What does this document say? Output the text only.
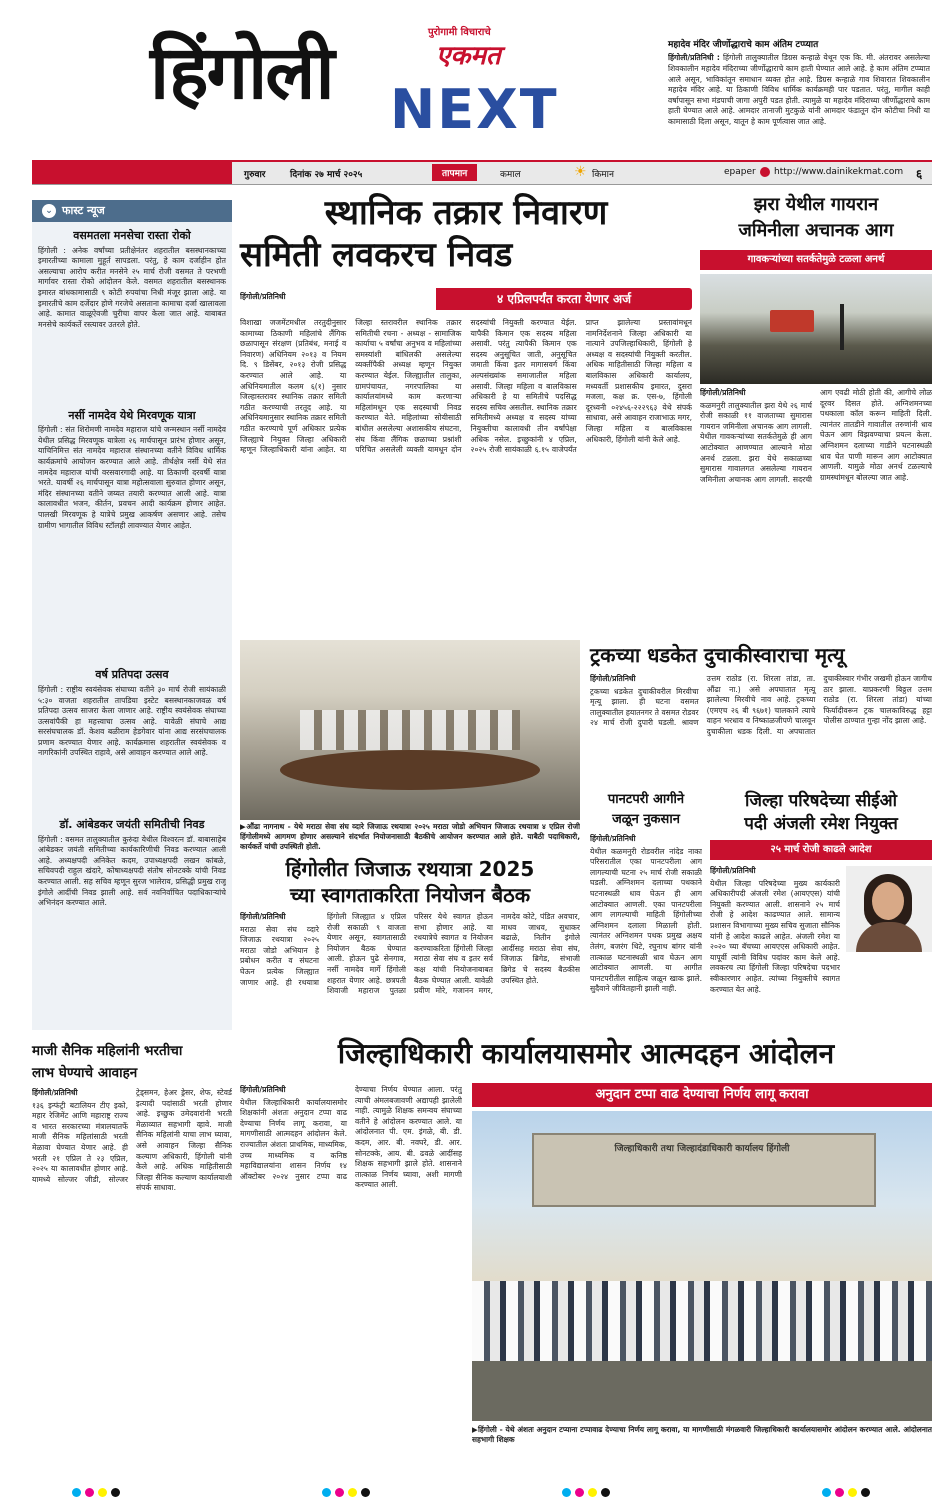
हिंगोली	पुरोगामी विचाराचे
एकमत
NEXT
महादेव मंदिर जीर्णोद्धाराचे काम अंतिम टप्प्यात
हिंगोली/प्रतिनिधी : हिंगोली तालुक्यातील डिग्रस कन्हाळे येथून एक कि. मी. अंतरावर असलेल्या शिवकालीन महादेव मंदिराच्या जीर्णोद्धाराचे काम हाती घेण्यात आले आहे. हे काम अंतिम टप्प्यात आले असून, भाविकांतून समाधान व्यक्त होत आहे. डिग्रस कन्हाळे गाव शिवारात शिवकालीन महादेव मंदिर आहे. या ठिकाणी विविध धार्मिक कार्यक्रमही पार पडतात. परंतु, मागील काही वर्षापासून सभा मंडपाची जागा अपुरी पडत होती. त्यामुळे या महादेव मंदिराच्या जीर्णोद्धाराचे काम हाती घेण्यात आले आहे. आमदार तानाजी मुटकुळे यांनी आमदार फंडातून दोन कोटीचा निधी या कामासाठी दिला असून, यातून हे काम पूर्णत्वास जात आहे.
गुरुवार	दिनांक २७ मार्च २०२५	तापमान	कमाल	☀ किमान	epaper http://www.dainikekmat.com ६
⌄ फास्ट न्यूज
वसमतला मनसेचा रास्ता रोको
हिंगोली : अनेक वर्षांच्या प्रतीक्षेनंतर शहरातील बसस्थानकाच्या इमारतीच्या कामाला मुहूर्त सापडला. परंतु, हे काम दर्जाहीन होत असल्याचा आरोप करीत मनसेने २५ मार्च रोजी वसमत ते परभणी मार्गावर रास्ता रोको आंदोलन केले. वसमत शहरातील बसस्थानक इमारत बांधकामासाठी ९ कोटी रुपयांचा निधी मंजूर झाला आहे. या इमारतीचे काम दर्जेदार होणे गरजेचे असताना कामाचा दर्जा खालावला आहे. कामात वाळूऐवजी चुरीचा वापर केला जात आहे. याबाबत मनसेचे कार्यकर्ते रस्त्यावर उतरले होते.
नर्सी नामदेव येथे मिरवणूक यात्रा
हिंगोली : संत शिरोमणी नामदेव महाराज यांचे जन्मस्थान नर्सी नामदेव येथील प्रसिद्ध मिरवणूक यात्रेला २६ मार्चपासून प्रारंभ होणार असून, याचिनिमित्त संत नामदेव महाराज संस्थानच्या वतीने विविध धार्मिक कार्यक्रमांचे आयोजन करण्यात आले आहे. तीर्थक्षेत्र नर्सी येथे संत नामदेव महाराज यांची वरसवारगादी आहे. या ठिकाणी दरवर्षी यात्रा भरते. यावर्षी २६ मार्चपासून यात्रा महोत्सवाला सुरुवात होणार असून, मंदिर संस्थानच्या वतीने जय्यत तयारी करण्यात आली आहे. यात्रा कालावधीत भजन, कीर्तन, प्रवचन आदी कार्यक्रम होणार आहेत. पालखी मिरवणूक हे यात्रेचे प्रमुख आकर्षण असणार आहे. तसेच ग्रामीण भागातील विविध स्टॉलही लावण्यात येणार आहेत.
वर्ष प्रतिपदा उत्सव
हिंगोली : राष्ट्रीय स्वयंसेवक संघाच्या वतीने ३० मार्च रोजी सायंकाळी ५:३० वाजता शहरातील तापडिया इस्टेट बसस्थानकाजवळ वर्ष प्रतिपदा उत्सव साजरा केला जाणार आहे. राष्ट्रीय स्वयंसेवक संघाच्या उत्सवांपैकी हा महत्त्वाचा उत्सव आहे. यावेळी संघाचे आद्य सरसंघचालक डॉ. केशव बळीराम हेडगेवार यांना आद्य सरसंघचालक प्रणाम करण्यात येणार आहे. कार्यक्रमास शहरातील स्वयंसेवक व नागरिकांनी उपस्थित राहावे, असे आवाहन करण्यात आले आहे.
डॉ. आंबेडकर जयंती समितीची निवड
हिंगोली : वसमत तालुक्यातील कुरुंदा येथील विश्वरत्न डॉ. बाबासाहेब आंबेडकर जयंती समितीच्या कार्यकारिणीची निवड करण्यात आली आहे. अध्यक्षपदी अनिकेत कदम, उपाध्यक्षपदी लखन कांबळे, सचिवपदी राहुल खंदारे, कोषाध्यक्षपदी संतोष सोनटक्के यांची निवड करण्यात आली. सह सचिव म्हणून सुरज भालेराव, प्रसिद्धी प्रमुख राजू इंगोले आदींची निवड झाली आहे. सर्व नवनिर्वाचित पदाधिकाऱ्यांचे अभिनंदन करण्यात आले.
स्थानिक तक्रार निवारण
समिती लवकरच निवड
४ एप्रिलपर्यंत करता येणार अर्ज
हिंगोली/प्रतिनिधी
विशाखा जजमेंटमधील तरतुदीनुसार कामाच्या ठिकाणी महिलांचे लैंगिक छळापासून संरक्षण (प्रतिबंध, मनाई व निवारण) अधिनियम २०१३ व नियम दि. ९ डिसेंबर, २०१३ रोजी प्रसिद्ध करण्यात आले आहे. या अधिनियमातील कलम ६(१) नुसार जिल्हास्तरावर स्थानिक तक्रार समिती गठीत करण्याची तरतूद आहे. या अधिनियमानुसार स्थानिक तक्रार समिती गठीत करण्याचे पूर्ण अधिकार प्रत्येक जिल्ह्याचे नियुक्त जिल्हा अधिकारी म्हणून जिल्हाधिकारी यांना आहेत. या जिल्हा स्तरावरील स्थानिक तक्रार समितीची रचना - अध्यक्ष - सामाजिक कार्याचा ५ वर्षांचा अनुभव व महिलांच्या समस्यांशी बांधिलकी असलेल्या व्यक्तींपैकी अध्यक्ष म्हणून नियुक्त करण्यात येईल. जिल्ह्यातील तालुका, ग्रामपंचायत, नगरपालिका या कार्यालयांमध्ये काम करणाऱ्या महिलांमधून एक सदस्याची निवड करण्यात येते. महिलांच्या सोयीसाठी बांधील असलेल्या अशासकीय संघटना, संघ किंवा लैंगिक छळाच्या प्रश्नांशी परिचित असलेली व्यक्ती यामधून दोन सदस्यांची नियुक्ती करण्यात येईल. यापैकी किमान एक सदस्य महिला असावी. परंतु त्यापैकी किमान एक सदस्य अनुसूचित जाती, अनुसूचित जमाती किंवा इतर मागासवर्ग किंवा अल्पसंख्यांक समाजातील महिला असावी. जिल्हा महिला व बालविकास अधिकारी हे या समितीचे पदसिद्ध सदस्य सचिव असतील. स्थानिक तक्रार समितीमध्ये अध्यक्ष व सदस्य यांच्या नियुक्तीचा कालावधी तीन वर्षांपेक्षा अधिक नसेल. इच्छुकांनी ४ एप्रिल, २०२५ रोजी सायंकाळी ६.१५ वाजेपर्यंत प्राप्त झालेल्या प्रस्तावांमधून नामनिर्देशनाने जिल्हा अधिकारी या नात्याने उपजिल्हाधिकारी, हिंगोली हे अध्यक्ष व सदस्यांची नियुक्ती करतील. अधिक माहितीसाठी जिल्हा महिला व बालविकास अधिकारी कार्यालय, मध्यवर्ती प्रशासकीय इमारत, दुसरा मजला, कक्ष क्र. एस-७, हिंगोली दूरध्वनी ०२४५६-२२२९६३ येथे संपर्क साधावा, असे आवाहन राजाभाऊ मगर, जिल्हा महिला व बालविकास अधिकारी, हिंगोली यांनी केले आहे.
झरा येथील गायरान
जमिनीला अचानक आग
गावकऱ्यांच्या सतर्कतेमुळे टळला अनर्थ
हिंगोली/प्रतिनिधी
कळमनुरी तालुक्यातील झरा येथे २६ मार्च रोजी सकाळी ११ वाजताच्या सुमारास गायरान जमिनीला अचानक आग लागली. येथील गावकऱ्यांच्या सतर्कतेमुळे ही आग आटोक्यात आणण्यात आल्याने मोठा अनर्थ टळला. झरा येथे सकाळच्या सुमारास गावालगत असलेल्या गायरान जमिनीला अचानक आग लागली. सदरची आग एवढी मोठी होती की, आगीचे लोळ दूरवर दिसत होते. अग्निशमनच्या पथकाला कॉल करून माहिती दिली. त्यानंतर तातडीने गावातील तरुणांनी धाव घेऊन आग विझवण्याचा प्रयत्न केला. अग्निशमन दलाच्या गाडीने घटनास्थळी धाव घेत पाणी मारून आग आटोक्यात आणली. यामुळे मोठा अनर्थ टळल्याचे ग्रामस्थांमधून बोलल्या जात आहे.
▶औंढा नागनाथ - येथे मराठा सेवा संघ व्दारे जिजाऊ रथयात्रा २०२५ मराठा जोडो अभियान जिजाऊ रथयात्रा ४ एप्रिल रोजी हिंगोलीमध्ये आगमण होणार असल्याने संदर्भात नियोजनासाठी बैठकीचे आयोजन करण्यात आले होते. याबैठी पदाधिकारी, कार्यकर्ते यांची उपस्थिती होती.
हिंगोलीत जिजाऊ रथयात्रा 2025
च्या स्वागताकरिता नियोजन बैठक
हिंगोली/प्रतिनिधी
मराठा सेवा संघ व्दारे जिजाऊ रथयात्रा २०२५ मराठा जोडो अभियान हे प्रबोधन करीत व संघटना घेऊन प्रत्येक जिल्ह्यात जाणार आहे. ही रथयात्रा हिंगोली जिल्ह्यात ४ एप्रिल रोजी सकाळी ९ वाजता येणार असून, स्वागतासाठी नियोजन बैठक घेण्यात आली. होऊन पुढे सेनगाव, नर्सी नामदेव मार्गे हिंगोली शहरात येणार आहे. छत्रपती शिवाजी महाराज पुतळा परिसर येथे स्वागत होऊन सभा होणार आहे. या रथयात्रेचे स्वागत व नियोजन करण्याकरिता हिंगोली जिल्हा मराठा सेवा संघ व इतर सर्व कक्ष यांची नियोजनाबाबत बैठक घेण्यात आली. यावेळी प्रवीण मोरे, गजानन मगर, नामदेव कोटे, पंडित अवचार, माधव जाधव, सुधाकर बढाळे, नितीन इंगोले आदींसह मराठा सेवा संघ, जिजाऊ ब्रिगेड, संभाजी ब्रिगेड चे सदस्य बैठकीस उपस्थित होते.
ट्रकच्या धडकेत दुचाकीस्वाराचा मृत्यू
हिंगोली/प्रतिनिधी
ट्रकच्या धडकेत दुचाकीवरील मिरवीचा मृत्यू झाला. ही घटना वसमत तालुक्यातील हयातनगर ते वसमत रोडवर २४ मार्च रोजी दुपारी घडली. श्रावण उत्तम राठोड (रा. शिरला तांडा, ता. औंढा ना.) असे अपघातात मृत्यू झालेल्या मिरवीचे नाव आहे. ट्रकच्या (एमएच २६ बी ९६७१) चालकाने त्याचे वाहन भरधाव व निष्काळजीपणे चालवून दुचाकीला धडक दिली. या अपघातात दुचाकीस्वार गंभीर जखमी होऊन जागीच ठार झाला. याप्रकरणी बिठ्ठल उत्तम राठोड (रा. शिरला तांडा) यांच्या फिर्यादीवरून ट्रक चालकाविरुद्ध हट्टा पोलीस ठाण्यात गुन्हा नोंद झाला आहे.
पानटपरी आगीने
जळून नुकसान
हिंगोली/प्रतिनिधी
येथील कळमनुरी रोडवरील नांदेड नाका परिसरातील एका पानटपरीला आग लागल्याची घटना २५ मार्च रोजी सकाळी घडली. अग्निशमन दलाच्या पथकाने घटनास्थळी धाव घेऊन ही आग आटोक्यात आणली. एका पानटपरीला आग लागल्याची माहिती हिंगोलीच्या अग्निशमन दलाला मिळाली होती. त्यानंतर अग्निशमन पथक प्रमुख अक्षय तेलंग, बजरंग थिटे, रघुनाथ बांगर यांनी तात्काळ घटनास्थळी धाव घेऊन आग आटोक्यात आणली. या आगीत पानटपरीतील साहित्य जळून खाक झाले. सुदैवाने जीवितहानी झाली नाही.
जिल्हा परिषदेच्या सीईओ
पदी अंजली रमेश नियुक्त
२५ मार्च रोजी काढले आदेश
हिंगोली/प्रतिनिधी
येथील जिल्हा परिषदेच्या मुख्य कार्यकारी अधिकारीपदी अंजली रमेश (आयएएस) यांची नियुक्ती करण्यात आली. शासनाने २५ मार्च रोजी हे आदेश काढण्यात आले. सामान्य प्रशासन विभागाच्या मुख्य सचिव सुजाता सौनिक यांनी हे आदेश काढले आहेत. अंजली रमेश या २०२० च्या बॅचच्या आयएएस अधिकारी आहेत. यापूर्वी त्यांनी विविध पदांवर काम केले आहे. लवकरच त्या हिंगोली जिल्हा परिषदेचा पदभार स्वीकारणार आहेत. त्यांच्या नियुक्तीचे स्वागत करण्यात येत आहे.
माजी सैनिक महिलांनी भरतीचा
लाभ घेण्याचे आवाहन
हिंगोली/प्रतिनिधी
१३६ इन्फंट्री बटालियन टीए इको, महार रेजिमेंट आणि महाराष्ट्र राज्य व भारत सरकारच्या मंत्रालयातर्फे माजी सैनिक महिलांसाठी भरती मेळावा घेण्यात येणार आहे. ही भरती २१ एप्रिल ते २३ एप्रिल, २०२५ या कालावधीत होणार आहे. यामध्ये सोल्जर जीडी, सोल्जर ट्रेड्समन, हेअर ड्रेसर, शेफ, स्टेवर्ड इत्यादी पदांसाठी भरती होणार आहे. इच्छुक उमेदवारांनी भरती मेळाव्यात सहभागी व्हावे. माजी सैनिक महिलांनी याचा लाभ घ्यावा, असे आवाहन जिल्हा सैनिक कल्याण अधिकारी, हिंगोली यांनी केले आहे. अधिक माहितीसाठी जिल्हा सैनिक कल्याण कार्यालयाशी संपर्क साधावा.
जिल्हाधिकारी कार्यालयासमोर आत्मदहन आंदोलन
हिंगोली/प्रतिनिधी
येथील जिल्हाधिकारी कार्यालयासमोर शिक्षकांनी अंशतः अनुदान टप्पा वाढ देण्याचा निर्णय लागू करावा, या मागणीसाठी आत्मदहन आंदोलन केले. राज्यातील अंशतः प्राथमिक, माध्यमिक, उच्च माध्यमिक व कनिष्ठ महाविद्यालयांना शासन निर्णय १४ ऑक्टोबर २०२४ नुसार टप्पा वाढ देण्याचा निर्णय घेण्यात आला. परंतु त्याची अंमलबजावणी अद्यापही झालेली नाही. त्यामुळे शिक्षक समन्वय संघाच्या वतीने हे आंदोलन करण्यात आले. या आंदोलनात पी. एम. इंगळे, बी. डी. कदम, आर. बी. नवघरे, डी. आर. सोनटक्के, आय. बी. ढवळे आदींसह शिक्षक सहभागी झाले होते. शासनाने तात्काळ निर्णय घ्यावा, अशी मागणी करण्यात आली.
अनुदान टप्पा वाढ देण्याचा निर्णय लागू करावा
जिल्हाधिकारी तथा जिल्हादंडाधिकारी कार्यालय हिंगोली
▶हिंगोली - येथे अंशतः अनुदान टप्याना टप्पावाढ देण्याचा निर्णय लागू करावा, या मागणीसाठी मंगळवारी जिल्हाधिकारी कार्यालयासमोर आंदोलन करण्यात आले. आंदोलनात सहभागी शिक्षक
